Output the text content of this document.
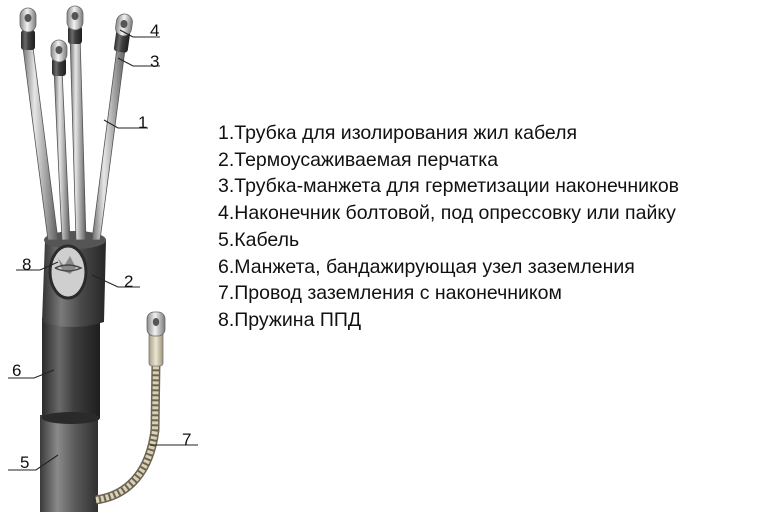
4
3
1
2
8
6
5
7
1.Трубка для изолирования жил кабеля
2.Термоусаживаемая перчатка
3.Трубка-манжета для герметизации наконечников
4.Наконечник болтовой, под опрессовку или пайку
5.Кабель
6.Манжета, бандажирующая узел заземления
7.Провод заземления с наконечником
8.Пружина ППД
